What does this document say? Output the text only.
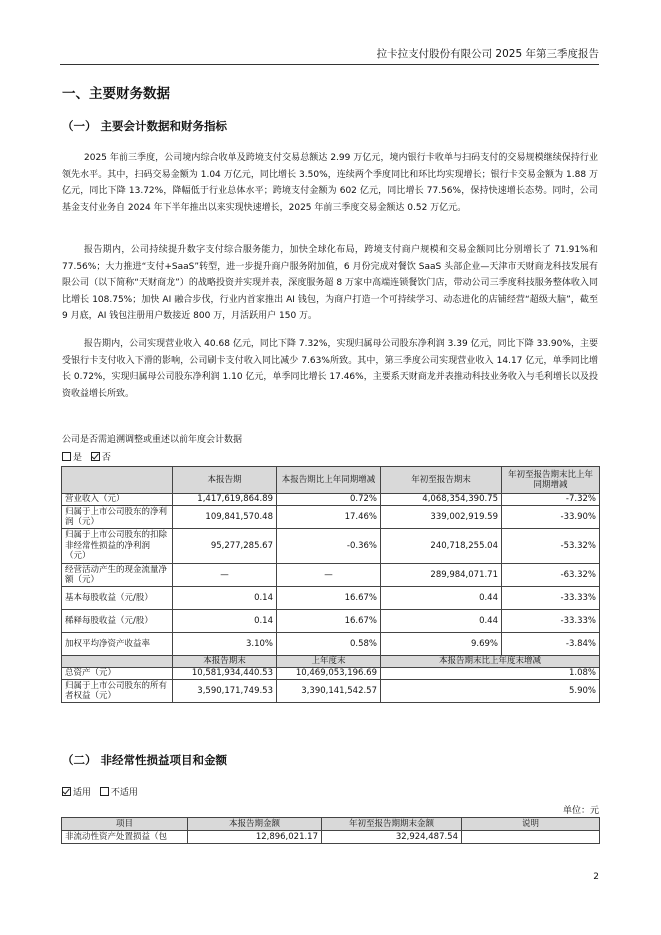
拉卡拉支付股份有限公司 2025 年第三季度报告
一、主要财务数据
（一） 主要会计数据和财务指标

2025 年前三季度，公司境内综合收单及跨境支付交易总额达 2.99 万亿元，境内银行卡收单与扫码支付的交易规模继续保持行业领先水平。其中，扫码交易金额为 1.04 万亿元，同比增长 3.50%，连续两个季度同比和环比均实现增长；银行卡交易金额为 1.88 万亿元，同比下降 13.72%，降幅低于行业总体水平；跨境支付金额为 602 亿元，同比增长 77.56%，保持快速增长态势。同时，公司基金支付业务自 2024 年下半年推出以来实现快速增长，2025 年前三季度交易金额达 0.52 万亿元。

报告期内，公司持续提升数字支付综合服务能力，加快全球化布局，跨境支付商户规模和交易金额同比分别增长了 71.91%和 77.56%；大力推进“支付+SaaS”转型，进一步提升商户服务附加值，6 月份完成对餐饮 SaaS 头部企业—天津市天财商龙科技发展有限公司（以下简称“天财商龙”）的战略投资并实现并表，深度服务超 8 万家中高端连锁餐饮门店，带动公司三季度科技服务整体收入同比增长 108.75%；加快 AI 融合步伐，行业内首家推出 AI 钱包，为商户打造一个可持续学习、动态进化的店铺经营“超级大脑”，截至 9 月底，AI 钱包注册用户数接近 800 万，月活跃用户 150 万。

报告期内，公司实现营业收入 40.68 亿元，同比下降 7.32%，实现归属母公司股东净利润 3.39 亿元，同比下降 33.90%，主要受银行卡支付收入下滑的影响，公司刷卡支付收入同比减少 7.63%所致。其中，第三季度公司实现营业收入 14.17 亿元，单季同比增长 0.72%，实现归属母公司股东净利润 1.10 亿元，单季同比增长 17.46%，主要系天财商龙并表推动科技业务收入与毛利增长以及投资收益增长所致。

公司是否需追溯调整或重述以前年度会计数据
是 否
	本报告期	本报告期比上年同期增减	年初至报告期末	年初至报告期末比上年同期增减
营业收入（元）	1,417,619,864.89	0.72%	4,068,354,390.75	-7.32%
归属于上市公司股东的净利润（元）	109,841,570.48	17.46%	339,002,919.59	-33.90%
归属于上市公司股东的扣除非经常性损益的净利润（元）	95,277,285.67	-0.36%	240,718,255.04	-53.32%
经营活动产生的现金流量净额（元）	—	—	289,984,071.71	-63.32%
基本每股收益（元/股）	0.14	16.67%	0.44	-33.33%
稀释每股收益（元/股）	0.14	16.67%	0.44	-33.33%
加权平均净资产收益率	3.10%	0.58%	9.69%	-3.84%
	本报告期末	上年度末	本报告期末比上年度末增减	
总资产（元）	10,581,934,440.53	10,469,053,196.69	1.08%	
归属于上市公司股东的所有者权益（元）	3,590,171,749.53	3,390,141,542.57	5.90%	
（二） 非经常性损益项目和金额
适用 不适用
单位：元
项目	本报告期金额	年初至报告期期末金额	说明
非流动性资产处置损益（包	12,896,021.17	32,924,487.54	
2
